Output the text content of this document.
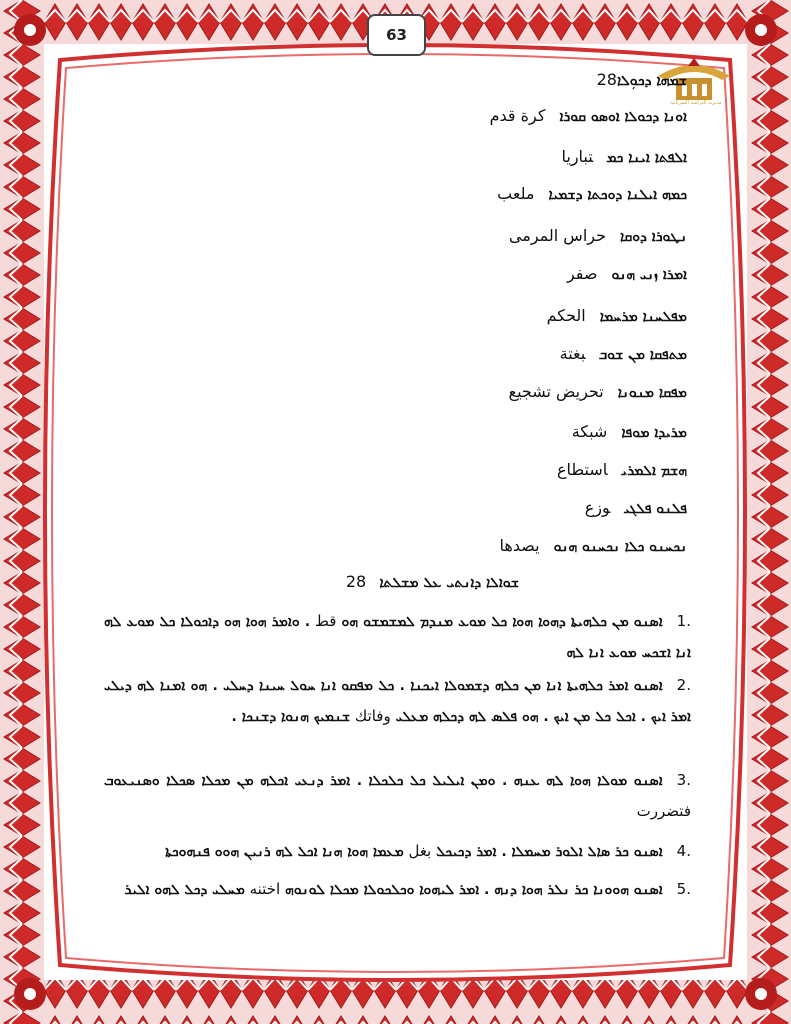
63
مديرية الدراسة السريانية
ܫܡܗܐ ܕܟܘܼܠܐ28
ܐܘܢܐ ܕܟܘܠܐ ܐܘܣܘ ܩܘܪܐكرة قدم
ܐܠܦܬܐ ܐܝܢܐ ܟܡتباريا
ܟܡܗ ܐܝܠܢܐ ܕܘܟܬܐ ܕܫܡܝܐملعب
ܢܛܘܪܐ ܕܘܩܐحراس المرمى
ܐܡܪܐ ܙܢܝ ܗܢܘصفر
ܡܦܠܚܢܐ ܡܪܚܡܐالحكم
ܡܬܦܩܐ ܡܢ ܫܘܒبغتة
ܡܦܩܐ ܡܢܘܢܐتحريض تشجيع
ܡܪܝܕܐ ܡܘܦܐشبكة
ܗܫܡ ܐܠܡܪܝاستطاع
ܦܠܢܘ ܦܠܓܝوزع
ܢܟܚܢܘ ܟܠܐ ܢܟܚܢܘ ܗܢܘيصدها
ܫܘܐܠܐ ܕܐܢܬܝ ܥܠ ܡܫܠܬܐ 28
.1ܐܣܢܘ ܡܢ ܟܠܗܝܬܐ ܕܗܘܐ ܗܘܐ ܟܠ ܡܘܥ ܡܢܕܡ ܠܡܫܡܫܘ ܗܘ قط . ܘܐܡܪ ܗܘܐ ܗܘ ܕܐܟܘܠܐ ܟܠ ܡܘܥ ܠܗ ܐܢܐ ܐܫܟܚ ܡܘܥ ܐܢܐ ܠܗ
.2ܐܣܢܘ ܐܡܪ ܟܠܗܝܬܐ ܐܢܐ ܡܢ ܟܠܗ ܕܫܡܘܠܐ ܐܝܟܢܐ . ܟܠ ܡܦܩܘ ܐܢܐ ܚܘܠ ܚܝܢܐ ܕܚܠܝ . ܗܘ ܐܡܢܐ ܠܗ ܕܝܠܝ ܐܡܪ ܐܝܟ . ܐܟܠ ܟܠ ܡܢ ܐܝܟ . ܗܘ ܦܠܣ ܠܗ ܕܟܠܗ ܡܥܠܝ وفاتك ܫܢܡܝܟ ܗܢܘܐ ܕܫܢܟܐ .
.3ܐܣܢܘ ܡܘܠܐ ܗܘܐ ܠܗ ܥܢܗ . ܘܡܢ ܐܝܠܝܠ ܟܠ ܟܠܟܠܐ . ܐܡܪ ܕܢܥܝ ܐܟܠܗ ܡܢ ܡܟܠܐ ܣܟܠܐ ܘܣܢܝܥܘܒ فتضررت
.4ܐܣܢܘ ܟܪ ܣܐܠ ܐܠܘܪ ܡܚܡܠܐ . ܐܡܪ ܕܟܝܟܠ بغل ܡܥܡܐ ܗܘܐ ܗܢܐ ܐܟܠ ܠܗ ܪܢܝܢ ܗܘܘ ܦܢܗܘܟܬܐ
.5ܐܣܢܘ ܗܘܘܢܐ ܟܪ ܢܠܪ ܗܘܐ ܕܢܗ . ܐܡܪ ܠܝܗܘܐ ܘܟܠܟܘܠܐ ܡܟܠܐ ܠܘܢܘܗ اختنه ܡܚܠܝ ܕܟܠ ܠܗܘ ܐܠܝܪ
